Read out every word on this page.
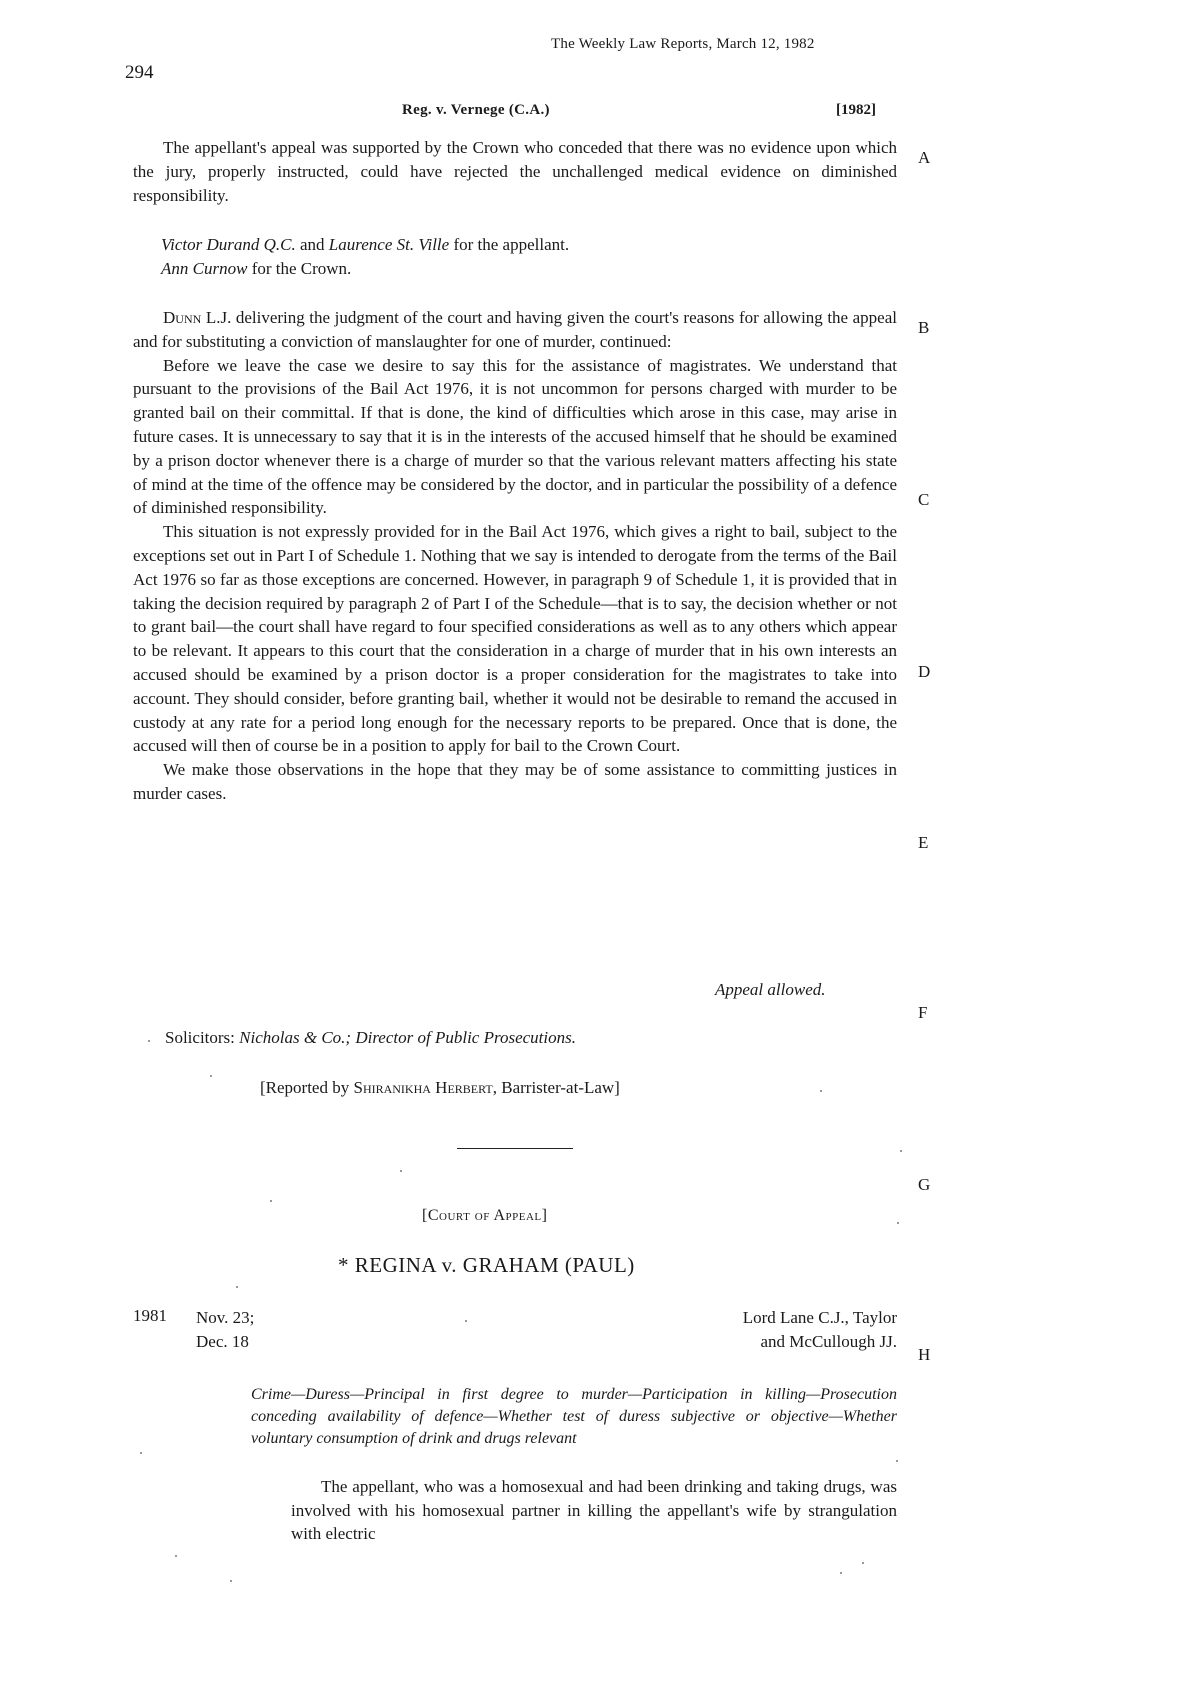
The Weekly Law Reports, March 12, 1982
294
Reg. v. Vernege (C.A.)	[1982]

The appellant's appeal was supported by the Crown who conceded that there was no evidence upon which the jury, properly instructed, could have rejected the unchallenged medical evidence on diminished responsibility.

Victor Durand Q.C. and Laurence St. Ville for the appellant.
Ann Curnow for the Crown.

Dunn L.J. delivering the judgment of the court and having given the court's reasons for allowing the appeal and for substituting a conviction of manslaughter for one of murder, continued:

Before we leave the case we desire to say this for the assistance of magistrates. We understand that pursuant to the provisions of the Bail Act 1976, it is not uncommon for persons charged with murder to be granted bail on their committal. If that is done, the kind of difficulties which arose in this case, may arise in future cases. It is unnecessary to say that it is in the interests of the accused himself that he should be examined by a prison doctor whenever there is a charge of murder so that the various relevant matters affecting his state of mind at the time of the offence may be considered by the doctor, and in particular the possibility of a defence of diminished responsibility.

This situation is not expressly provided for in the Bail Act 1976, which gives a right to bail, subject to the exceptions set out in Part I of Schedule 1. Nothing that we say is intended to derogate from the terms of the Bail Act 1976 so far as those exceptions are concerned. However, in paragraph 9 of Schedule 1, it is provided that in taking the decision required by paragraph 2 of Part I of the Schedule—that is to say, the decision whether or not to grant bail—the court shall have regard to four specified considerations as well as to any others which appear to be relevant. It appears to this court that the consideration in a charge of murder that in his own interests an accused should be examined by a prison doctor is a proper consideration for the magistrates to take into account. They should consider, before granting bail, whether it would not be desirable to remand the accused in custody at any rate for a period long enough for the necessary reports to be prepared. Once that is done, the accused will then of course be in a position to apply for bail to the Crown Court.

We make those observations in the hope that they may be of some assistance to committing justices in murder cases.

Appeal allowed.
Solicitors: Nicholas & Co.; Director of Public Prosecutions.
[Reported by Shiranikha Herbert, Barrister-at-Law]
[Court of Appeal]
* REGINA v. GRAHAM (PAUL)
1981 Nov. 23;
Dec. 18
Lord Lane C.J., Taylor
and McCullough JJ.
Crime—Duress—Principal in first degree to murder—Participation in killing—Prosecution conceding availability of defence—Whether test of duress subjective or objective—Whether voluntary consumption of drink and drugs relevant

The appellant, who was a homosexual and had been drinking and taking drugs, was involved with his homosexual partner in killing the appellant's wife by strangulation with electric

A
B
C
D
E
F
G
H
